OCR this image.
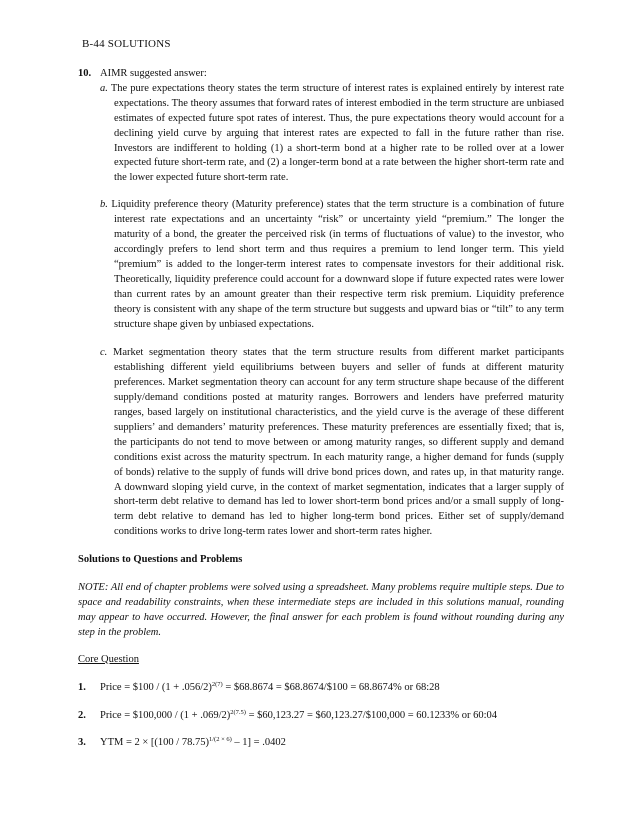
B-44 SOLUTIONS
10. AIMR suggested answer:
a. The pure expectations theory states the term structure of interest rates is explained entirely by interest rate expectations. The theory assumes that forward rates of interest embodied in the term structure are unbiased estimates of expected future spot rates of interest. Thus, the pure expectations theory would account for a declining yield curve by arguing that interest rates are expected to fall in the future rather than rise. Investors are indifferent to holding (1) a short-term bond at a higher rate to be rolled over at a lower expected future short-term rate, and (2) a longer-term bond at a rate between the higher short-term rate and the lower expected future short-term rate.
b. Liquidity preference theory (Maturity preference) states that the term structure is a combination of future interest rate expectations and an uncertainty “risk” or uncertainty yield “premium.” The longer the maturity of a bond, the greater the perceived risk (in terms of fluctuations of value) to the investor, who accordingly prefers to lend short term and thus requires a premium to lend longer term. This yield “premium” is added to the longer-term interest rates to compensate investors for their additional risk. Theoretically, liquidity preference could account for a downward slope if future expected rates were lower than current rates by an amount greater than their respective term risk premium. Liquidity preference theory is consistent with any shape of the term structure but suggests and upward bias or “tilt” to any term structure shape given by unbiased expectations.
c. Market segmentation theory states that the term structure results from different market participants establishing different yield equilibriums between buyers and seller of funds at different maturity preferences. Market segmentation theory can account for any term structure shape because of the different supply/demand conditions posted at maturity ranges. Borrowers and lenders have preferred maturity ranges, based largely on institutional characteristics, and the yield curve is the average of these different suppliers’ and demanders’ maturity preferences. These maturity preferences are essentially fixed; that is, the participants do not tend to move between or among maturity ranges, so different supply and demand conditions exist across the maturity spectrum. In each maturity range, a higher demand for funds (supply of bonds) relative to the supply of funds will drive bond prices down, and rates up, in that maturity range. A downward sloping yield curve, in the context of market segmentation, indicates that a larger supply of short-term debt relative to demand has led to lower short-term bond prices and/or a small supply of long-term debt relative to demand has led to higher long-term bond prices. Either set of supply/demand conditions works to drive long-term rates lower and short-term rates higher.
Solutions to Questions and Problems
NOTE: All end of chapter problems were solved using a spreadsheet. Many problems require multiple steps. Due to space and readability constraints, when these intermediate steps are included in this solutions manual, rounding may appear to have occurred. However, the final answer for each problem is found without rounding during any step in the problem.
Core Question
1. Price = $100 / $(1 + .056/2)^{2(7)}$ = $68.8674 = $68.8674/$100 = 68.8674% or 68:28
2. Price = $100,000 / $(1 + .069/2)^{2(7.5)}$ = $60,123.27 = $60,123.27/$100,000 = 60.1233% or 60:04
3. YTM = 2 × [(100 / 78.75)$^{1/(2 \times 6)}$ – 1] = .0402
